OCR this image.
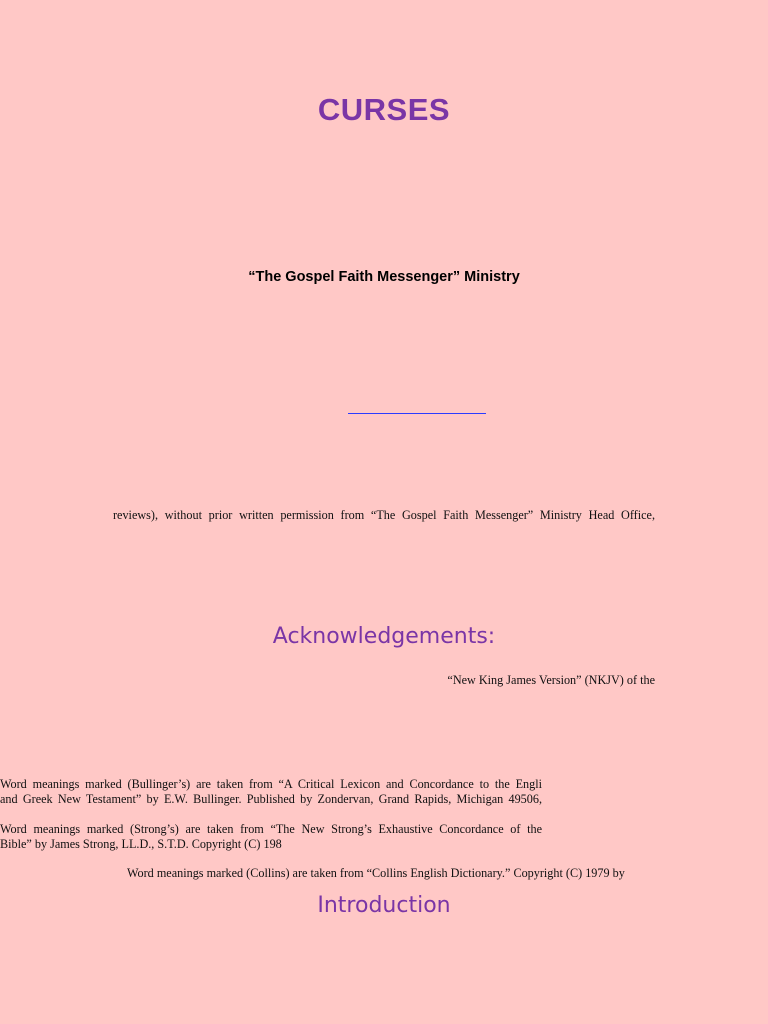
CURSES
“The Gospel Faith Messenger” Ministry
reviews), without prior written permission from “The Gospel Faith Messenger” Ministry Head Office,
Acknowledgements:
“New King James Version” (NKJV) of the
Word meanings marked (Bullinger’s) are taken from “A Critical Lexicon and Concordance to the Engli
and Greek New Testament” by E.W. Bullinger. Published by Zondervan, Grand Rapids, Michigan 49506,
Word meanings marked (Strong’s) are taken from “The New Strong’s Exhaustive Concordance of the
Bible” by James Strong, LL.D., S.T.D. Copyright (C) 198
Word meanings marked (Collins) are taken from “Collins English Dictionary.” Copyright (C) 1979 by
Introduction
